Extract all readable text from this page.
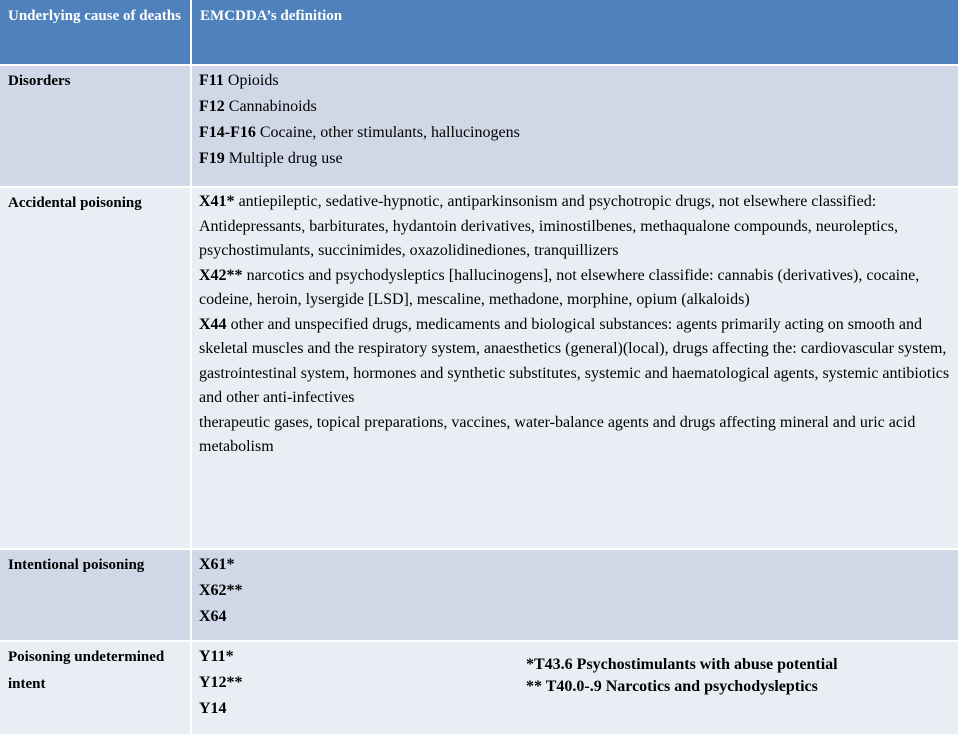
Underlying cause of deaths	EMCDDA’s definition
Disorders	F11 Opioids
F12 Cannabinoids
F14-F16 Cocaine, other stimulants, hallucinogens
F19 Multiple drug use

Accidental poisoning	X41* antiepileptic, sedative-hypnotic, antiparkinsonism and psychotropic drugs, not elsewhere classified: Antidepressants, barbiturates, hydantoin derivatives, iminostilbenes, methaqualone compounds, neuroleptics, psychostimulants, succinimides, oxazolidinediones, tranquillizers
X42** narcotics and psychodysleptics [hallucinogens], not elsewhere classifide: cannabis (derivatives), cocaine, codeine, heroin, lysergide [LSD], mescaline, methadone, morphine, opium (alkaloids)
X44 other and unspecified drugs, medicaments and biological substances: agents primarily acting on smooth and skeletal muscles and the respiratory system, anaesthetics (general)(local), drugs affecting the: cardiovascular system, gastrointestinal system, hormones and synthetic substitutes, systemic and haematological agents, systemic antibiotics and other anti-infectives
therapeutic gases, topical preparations, vaccines, water-balance agents and drugs affecting mineral and uric acid metabolism

Intentional poisoning	X61*
X62**
X64

Poisoning undetermined intent	Y11*
Y12**
Y14
*T43.6 Psychostimulants with abuse potential
** T40.0-.9 Narcotics and psychodysleptics
